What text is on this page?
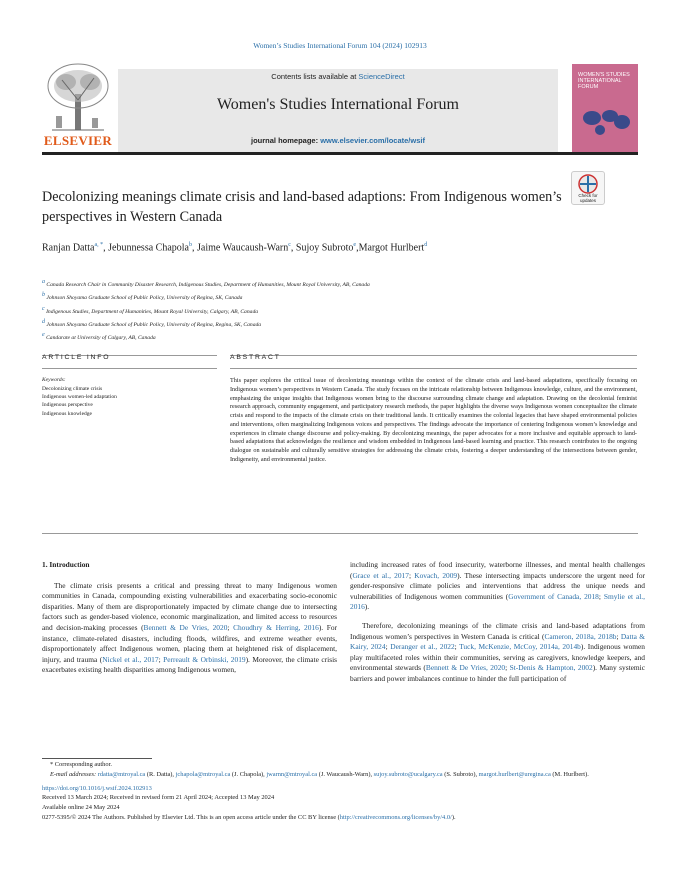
Women’s Studies International Forum 104 (2024) 102913
ELSEVIER
Contents lists available at ScienceDirect
Women's Studies International Forum
journal homepage: www.elsevier.com/locate/wsif
WOMEN'S STUDIES INTERNATIONAL FORUM
Check for updates
Decolonizing meanings climate crisis and land-based adaptions: From Indigenous women’s perspectives in Western Canada
Ranjan Datta$^{a, *}$, Jebunnessa Chapola$^b$, Jaime Waucaush-Warn$^c$, Sujoy Subroto$^e$,Margot Hurlbert$^d$
$^a$ Canada Research Chair in Community Disaster Research, Indigenous Studies, Department of Humanities, Mount Royal University, AB, Canada
$^b$ Johnson Shoyama Graduate School of Public Policy, University of Regina, SK, Canada
$^c$ Indigenous Studies, Department of Humanities, Mount Royal University, Calgary, AB, Canada
$^d$ Johnson Shoyama Graduate School of Public Policy, University of Regina, Regina, SK, Canada
$^e$ Candarate at University of Calgary, AB, Canada
ARTICLE INFO	ABSTRACT
Keywords:
Decolonizing climate crisis
Indigenous women-led adaptation
Indigenous perspective
Indigenous knowledge
This paper explores the critical issue of decolonizing meanings within the context of the climate crisis and land-based adaptations, specifically focusing on Indigenous women’s perspectives in Western Canada. The study focuses on the intricate relationship between Indigenous knowledge, culture, and the environment, emphasizing the unique insights that Indigenous women bring to the discourse surrounding climate change and adaptation. Drawing on the decolonial feminist research approach, community engagement, and participatory research methods, the paper highlights the diverse ways Indigenous women conceptualize the climate crisis and respond to the impacts of the climate crisis on their traditional lands. It critically examines the colonial legacies that have shaped environmental policies and interventions, often marginalizing Indigenous voices and perspectives. The findings advocate the importance of centering Indigenous women’s knowledge and experiences in climate change discourse and policy-making. By decolonizing meanings, the paper advocates for a more inclusive and equitable approach to land-based adaptations that acknowledges the resilience and wisdom embedded in Indigenous land-based learning and practice. This research contributes to the ongoing dialogue on sustainable and culturally sensitive strategies for addressing the climate crisis, fostering a deeper understanding of the intersections between gender, Indigeneity, and environmental justice.
1. Introduction
The climate crisis presents a critical and pressing threat to many Indigenous women communities in Canada, compounding existing vulnerabilities and exacerbating socio-economic disparities. Many of them are disproportionately impacted by climate change due to intersecting factors such as gender-based violence, economic marginalization, and limited access to resources and decision-making processes (Bennett & De Vries, 2020; Choudhry & Herring, 2016). For instance, climate-related disasters, including floods, wildfires, and extreme weather events, disproportionately affect Indigenous women, placing them at heightened risk of displacement, injury, and trauma (Nickel et al., 2017; Perreault & Orbinski, 2019). Moreover, the climate crisis exacerbates existing health disparities among Indigenous women,
including increased rates of food insecurity, waterborne illnesses, and mental health challenges (Grace et al., 2017; Kovach, 2009). These intersecting impacts underscore the urgent need for gender-responsive climate policies and interventions that address the unique needs and vulnerabilities of Indigenous women communities (Government of Canada, 2018; Smylie et al., 2016).
Therefore, decolonizing meanings of the climate crisis and land-based adaptations from Indigenous women’s perspectives in Western Canada is critical (Cameron, 2018a, 2018b; Datta & Kairy, 2024; Deranger et al., 2022; Tuck, McKenzie, McCoy, 2014a, 2014b). Indigenous women play multifaceted roles within their communities, serving as caregivers, knowledge keepers, and environmental stewards (Bennett & De Vries, 2020; St-Denis & Hampton, 2002). Many systemic barriers and power imbalances continue to hinder the full participation of
* Corresponding author.
E-mail addresses: rdatta@mtroyal.ca (R. Datta), jchapola@mtroyal.ca (J. Chapola), jwarnn@mtroyal.ca (J. Waucaush-Warn), sujoy.subroto@ucalgary.ca (S. Subroto), margot.hurlbert@uregina.ca (M. Hurlbert).
https://doi.org/10.1016/j.wsif.2024.102913
Received 13 March 2024; Received in revised form 21 April 2024; Accepted 13 May 2024
Available online 24 May 2024
0277-5395/© 2024 The Authors. Published by Elsevier Ltd. This is an open access article under the CC BY license (http://creativecommons.org/licenses/by/4.0/).
